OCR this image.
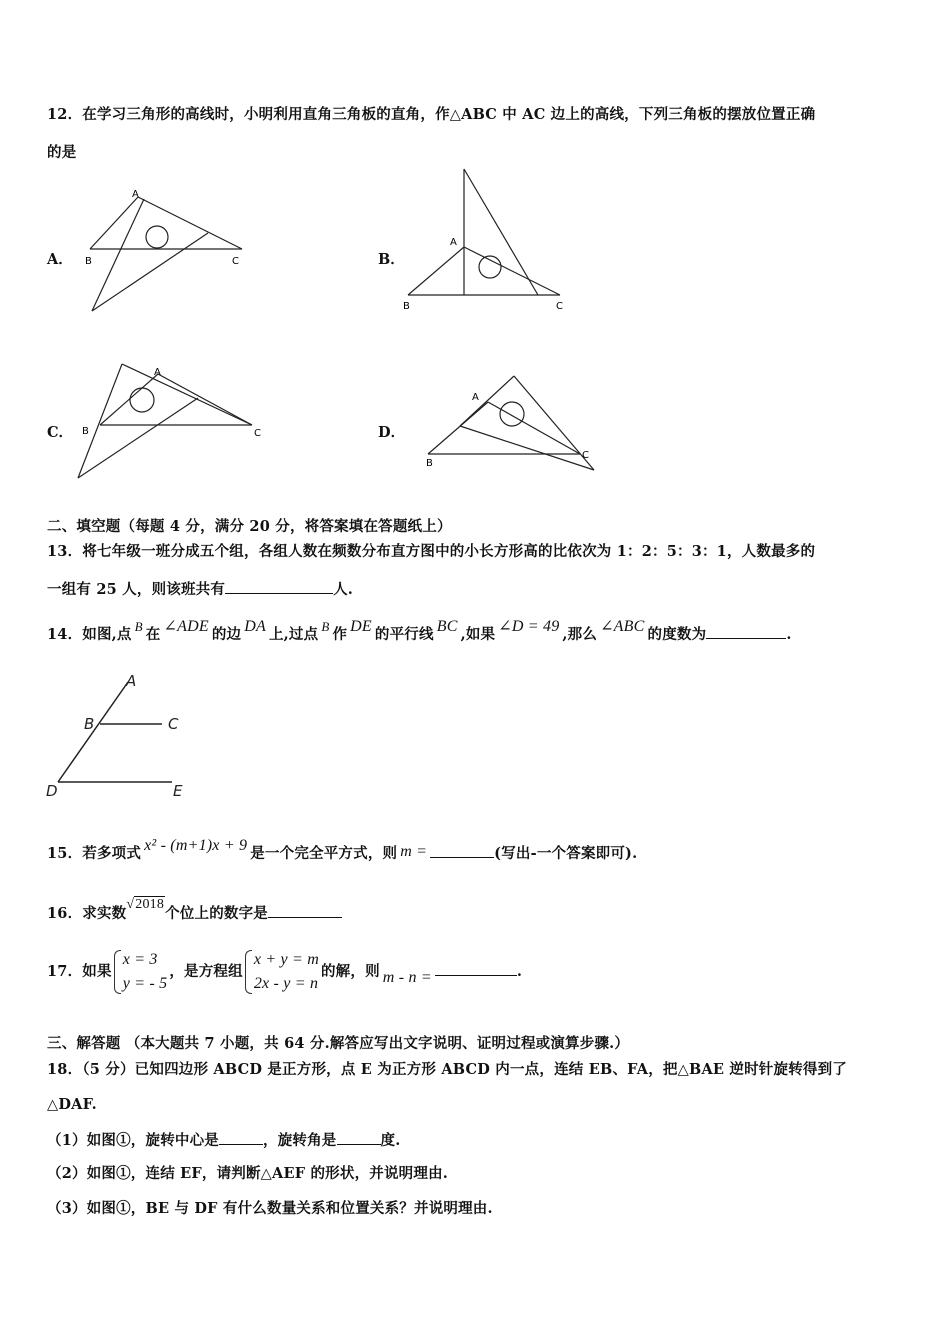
12．在学习三角形的高线时，小明利用直角三角板的直角，作△ABC 中 AC 边上的高线，下列三角板的摆放位置正确
的是
A．
A
B	C	B．
A
B	C
C．
A
B	C	D．
A
B
C
二、填空题（每题 4 分，满分 20 分，将答案填在答题纸上）
13．将七年级一班分成五个组，各组人数在频数分布直方图中的小长方形高的比依次为 1：2：5：3：1，人数最多的
一组有 25 人，则该班共有	人.
14．如图,点 B 在 ∠ADE 的边 DA 上,过点 B 作 DE 的平行线 BC ,如果 ∠D = 49 ,那么 ∠ABC 的度数为	.
A
B	C
D	E
15．若多项式 x² - (m+1)x + 9 是一个完全平方式，则 m =	(写出-一个答案即可).
16．求实数√2018个位上的数字是
17．如果
x = 3
y = - 5
，是方程组
x + y = m
2x - y = n
的解，则 m - n =	.
三、解答题 （本大题共 7 小题，共 64 分.解答应写出文字说明、证明过程或演算步骤.）
18．（5 分）已知四边形 ABCD 是正方形，点 E 为正方形 ABCD 内一点，连结 EB、FA，把△BAE 逆时针旋转得到了
△DAF.
（1）如图①，旋转中心是	，旋转角是	度.
（2）如图①，连结 EF，请判断△AEF 的形状，并说明理由.
（3）如图①，BE 与 DF 有什么数量关系和位置关系？并说明理由.
